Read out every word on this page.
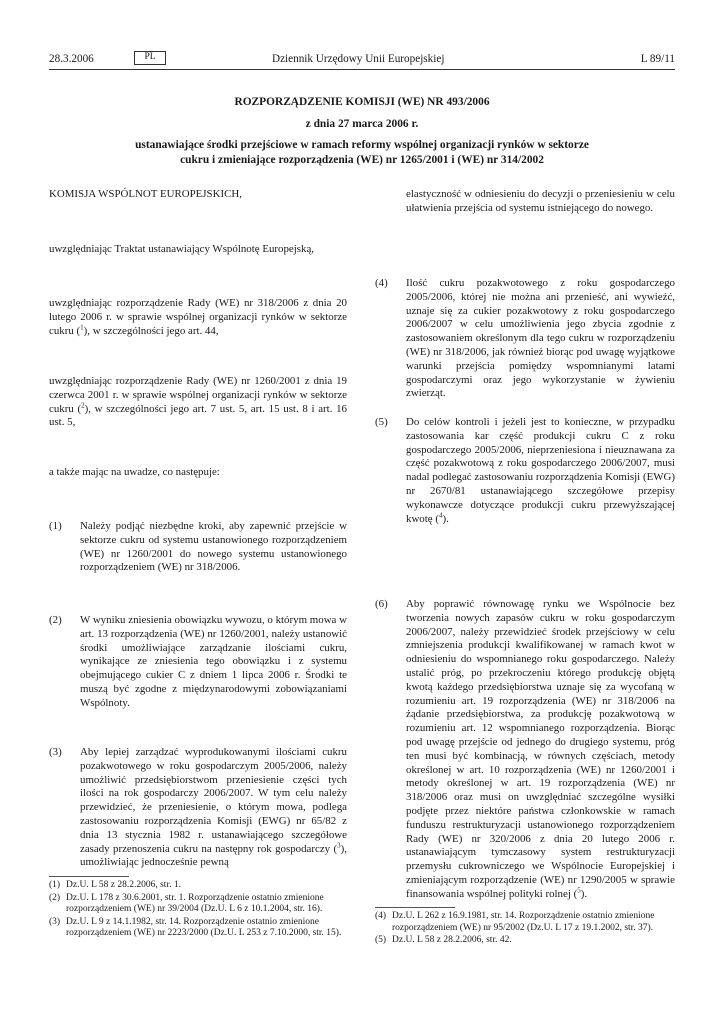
28.3.2006	PL	Dziennik Urzędowy Unii Europejskiej	L 89/11
ROZPORZĄDZENIE KOMISJI (WE) NR 493/2006
z dnia 27 marca 2006 r.
ustanawiające środki przejściowe w ramach reformy wspólnej organizacji rynków w sektorze
cukru i zmieniające rozporządzenia (WE) nr 1265/2001 i (WE) nr 314/2002
KOMISJA WSPÓLNOT EUROPEJSKICH,
uwzględniając Traktat ustanawiający Wspólnotę Europejską,
uwzględniając rozporządzenie Rady (WE) nr 318/2006 z dnia 20 lutego 2006 r. w sprawie wspólnej organizacji rynków w sektorze cukru ($^1$), w szczególności jego art. 44,
uwzględniając rozporządzenie Rady (WE) nr 1260/2001 z dnia 19 czerwca 2001 r. w sprawie wspólnej organizacji rynków w sektorze cukru ($^2$), w szczególności jego art. 7 ust. 5, art. 15 ust. 8 i art. 16 ust. 5,
a także mając na uwadze, co następuje:
(1) Należy podjąć niezbędne kroki, aby zapewnić przejście w sektorze cukru od systemu ustanowionego rozporządzeniem (WE) nr 1260/2001 do nowego systemu ustanowionego rozporządzeniem (WE) nr 318/2006.
(2) W wyniku zniesienia obowiązku wywozu, o którym mowa w art. 13 rozporządzenia (WE) nr 1260/2001, należy ustanowić środki umożliwiające zarządzanie ilościami cukru, wynikające ze zniesienia tego obowiązku i z systemu obejmującego cukier C z dniem 1 lipca 2006 r. Środki te muszą być zgodne z międzynarodowymi zobowiązaniami Wspólnoty.
(3) Aby lepiej zarządzać wyprodukowanymi ilościami cukru pozakwotowego w roku gospodarczym 2005/2006, należy umożliwić przedsiębiorstwom przeniesienie części tych ilości na rok gospodarczy 2006/2007. W tym celu należy przewidzieć, że przeniesienie, o którym mowa, podlega zastosowaniu rozporządzenia Komisji (EWG) nr 65/82 z dnia 13 stycznia 1982 r. ustanawiającego szczegółowe zasady przenoszenia cukru na następny rok gospodarczy ($^3$), umożliwiając jednocześnie pewną
(1) Dz.U. L 58 z 28.2.2006, str. 1.
(2) Dz.U. L 178 z 30.6.2001, str. 1. Rozporządzenie ostatnio zmienione rozporządzeniem (WE) nr 39/2004 (Dz.U. L 6 z 10.1.2004, str. 16).
(3) Dz.U. L 9 z 14.1.1982, str. 14. Rozporządzenie ostatnio zmienione rozporządzeniem (WE) nr 2223/2000 (Dz.U. L 253 z 7.10.2000, str. 15).
elastyczność w odniesieniu do decyzji o przeniesieniu w celu ułatwienia przejścia od systemu istniejącego do nowego.
(4) Ilość cukru pozakwotowego z roku gospodarczego 2005/2006, której nie można ani przenieść, ani wywieźć, uznaje się za cukier pozakwotowy z roku gospodarczego 2006/2007 w celu umożliwienia jego zbycia zgodnie z zastosowaniem określonym dla tego cukru w rozporządzeniu (WE) nr 318/2006, jak również biorąc pod uwagę wyjątkowe warunki przejścia pomiędzy wspomnianymi latami gospodarczymi oraz jego wykorzystanie w żywieniu zwierząt.
(5) Do celów kontroli i jeżeli jest to konieczne, w przypadku zastosowania kar część produkcji cukru C z roku gospodarczego 2005/2006, nieprzeniesiona i nieuznawana za część pozakwotową z roku gospodarczego 2006/2007, musi nadal podlegać zastosowaniu rozporządzenia Komisji (EWG) nr 2670/81 ustanawiającego szczegółowe przepisy wykonawcze dotyczące produkcji cukru przewyższającej kwotę ($^4$).
(6) Aby poprawić równowagę rynku we Wspólnocie bez tworzenia nowych zapasów cukru w roku gospodarczym 2006/2007, należy przewidzieć środek przejściowy w celu zmniejszenia produkcji kwalifikowanej w ramach kwot w odniesieniu do wspomnianego roku gospodarczego. Należy ustalić próg, po przekroczeniu którego produkcję objętą kwotą każdego przedsiębiorstwa uznaje się za wycofaną w rozumieniu art. 19 rozporządzenia (WE) nr 318/2006 na żądanie przedsiębiorstwa, za produkcję pozakwotową w rozumieniu art. 12 wspomnianego rozporządzenia. Biorąc pod uwagę przejście od jednego do drugiego systemu, próg ten musi być kombinacją, w równych częściach, metody określonej w art. 10 rozporządzenia (WE) nr 1260/2001 i metody określonej w art. 19 rozporządzenia (WE) nr 318/2006 oraz musi on uwzględniać szczególne wysiłki podjęte przez niektóre państwa członkowskie w ramach funduszu restrukturyzacji ustanowionego rozporządzeniem Rady (WE) nr 320/2006 z dnia 20 lutego 2006 r. ustanawiającym tymczasowy system restrukturyzacji przemysłu cukrowniczego we Wspólnocie Europejskiej i zmieniającym rozporządzenie (WE) nr 1290/2005 w sprawie finansowania wspólnej polityki rolnej ($^5$).
(4) Dz.U. L 262 z 16.9.1981, str. 14. Rozporządzenie ostatnio zmienione rozporządzeniem (WE) nr 95/2002 (Dz.U. L 17 z 19.1.2002, str. 37).
(5) Dz.U. L 58 z 28.2.2006, str. 42.
